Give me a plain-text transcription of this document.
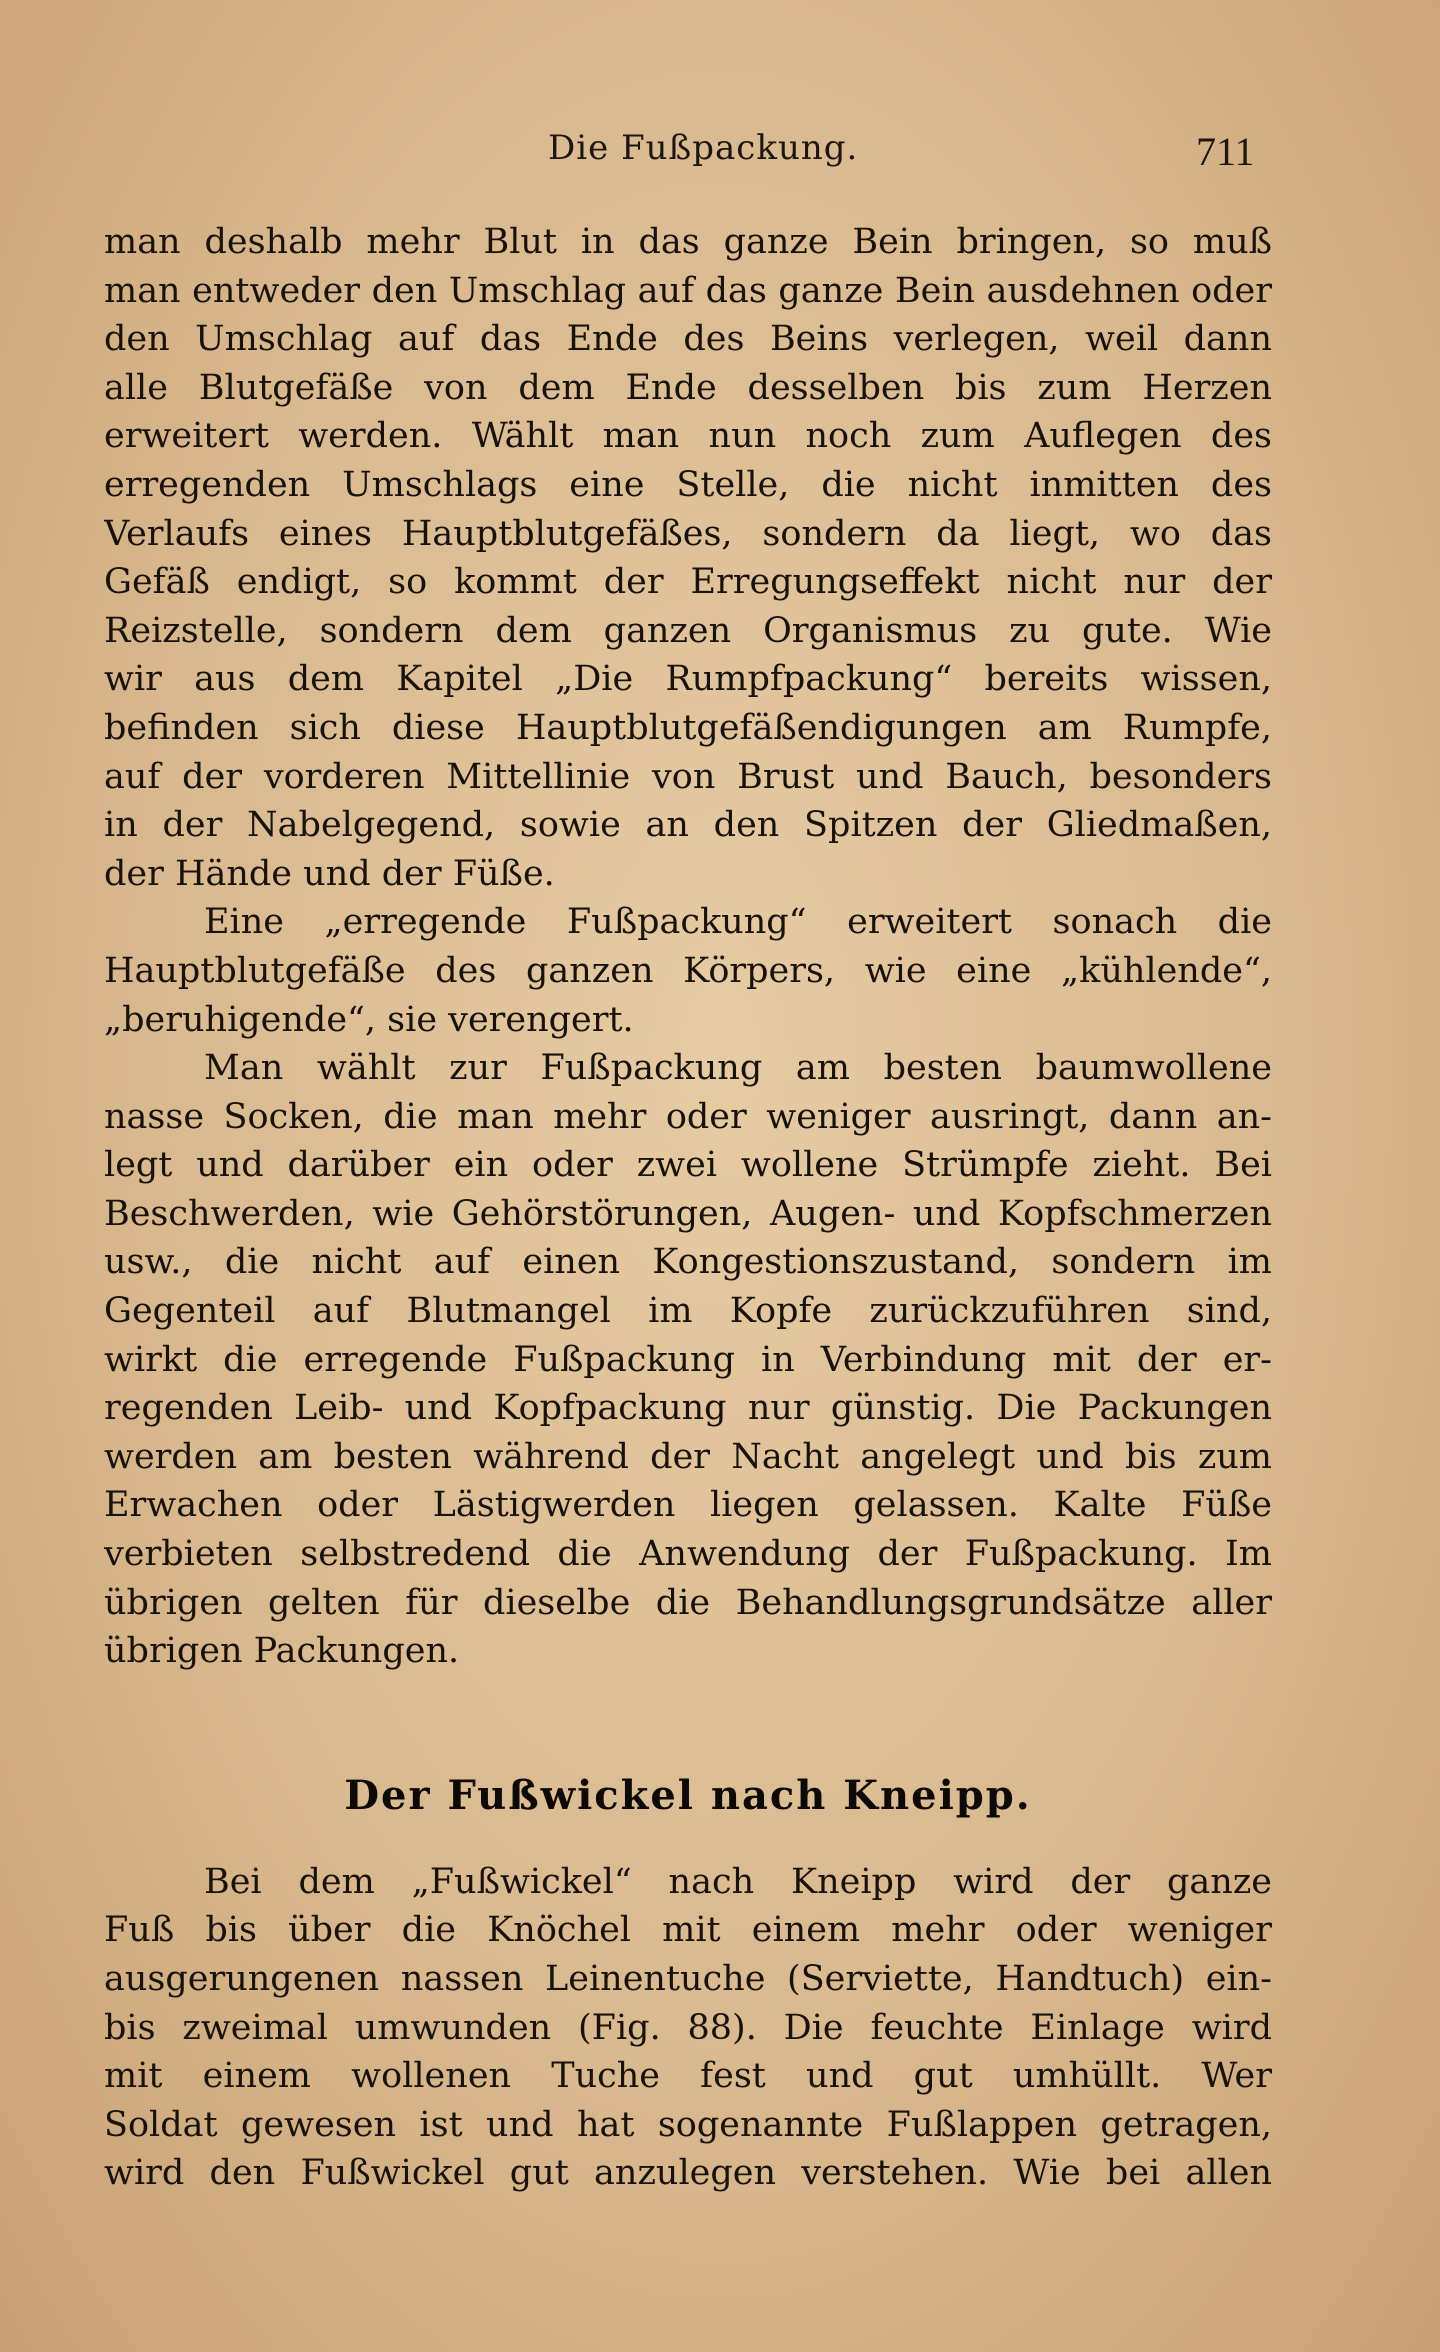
Die Fußpackung.	711
man deshalb mehr Blut in das ganze Bein bringen, so muß
man entweder den Umschlag auf das ganze Bein ausdehnen oder
den Umschlag auf das Ende des Beins verlegen, weil dann
alle Blutgefäße von dem Ende desselben bis zum Herzen
erweitert werden. Wählt man nun noch zum Auflegen des
erregenden Umschlags eine Stelle, die nicht inmitten des
Verlaufs eines Hauptblutgefäßes, sondern da liegt, wo das
Gefäß endigt, so kommt der Erregungseffekt nicht nur der
Reizstelle, sondern dem ganzen Organismus zu gute. Wie
wir aus dem Kapitel „Die Rumpfpackung“ bereits wissen,
befinden sich diese Hauptblutgefäßendigungen am Rumpfe,
auf der vorderen Mittellinie von Brust und Bauch, besonders
in der Nabelgegend, sowie an den Spitzen der Gliedmaßen,
der Hände und der Füße.
Eine „erregende Fußpackung“ erweitert sonach die
Hauptblutgefäße des ganzen Körpers, wie eine „kühlende“,
„beruhigende“, sie verengert.
Man wählt zur Fußpackung am besten baumwollene
nasse Socken, die man mehr oder weniger ausringt, dann an-
legt und darüber ein oder zwei wollene Strümpfe zieht. Bei
Beschwerden, wie Gehörstörungen, Augen- und Kopfschmerzen
usw., die nicht auf einen Kongestionszustand, sondern im
Gegenteil auf Blutmangel im Kopfe zurückzuführen sind,
wirkt die erregende Fußpackung in Verbindung mit der er-
regenden Leib- und Kopfpackung nur günstig. Die Packungen
werden am besten während der Nacht angelegt und bis zum
Erwachen oder Lästigwerden liegen gelassen. Kalte Füße
verbieten selbstredend die Anwendung der Fußpackung. Im
übrigen gelten für dieselbe die Behandlungsgrundsätze aller
übrigen Packungen.
Der Fußwickel nach Kneipp.
Bei dem „Fußwickel“ nach Kneipp wird der ganze
Fuß bis über die Knöchel mit einem mehr oder weniger
ausgerungenen nassen Leinentuche (Serviette, Handtuch) ein-
bis zweimal umwunden (Fig. 88). Die feuchte Einlage wird
mit einem wollenen Tuche fest und gut umhüllt. Wer
Soldat gewesen ist und hat sogenannte Fußlappen getragen,
wird den Fußwickel gut anzulegen verstehen. Wie bei allen
